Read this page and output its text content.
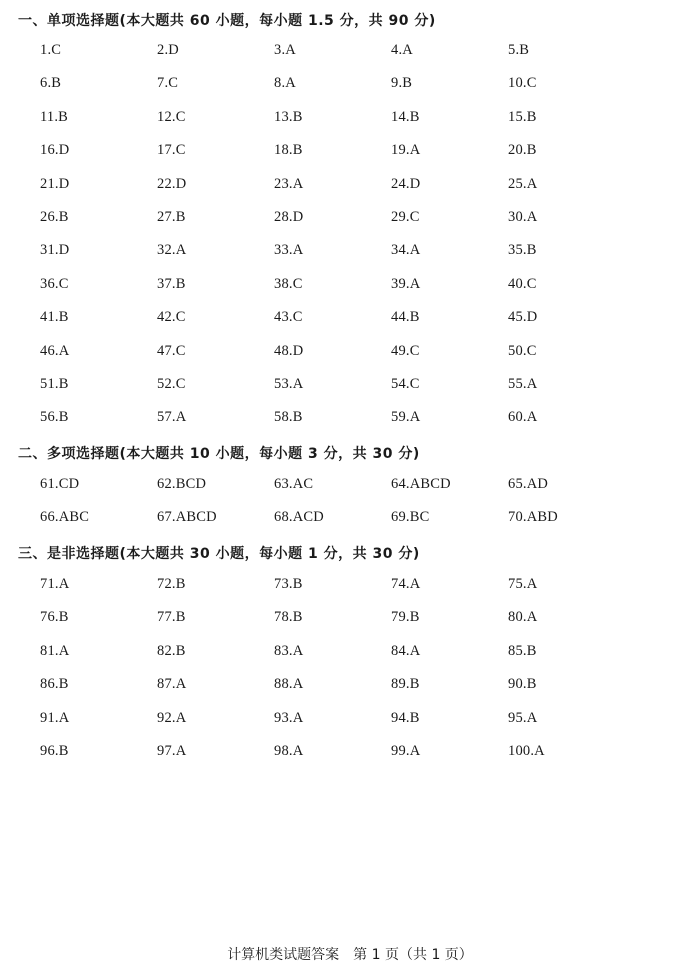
一、单项选择题(本大题共 60 小题，每小题 1.5 分，共 90 分)
1.C	2.D	3.A	4.A	5.B
6.B	7.C	8.A	9.B	10.C
11.B	12.C	13.B	14.B	15.B
16.D	17.C	18.B	19.A	20.B
21.D	22.D	23.A	24.D	25.A
26.B	27.B	28.D	29.C	30.A
31.D	32.A	33.A	34.A	35.B
36.C	37.B	38.C	39.A	40.C
41.B	42.C	43.C	44.B	45.D
46.A	47.C	48.D	49.C	50.C
51.B	52.C	53.A	54.C	55.A
56.B	57.A	58.B	59.A	60.A
二、多项选择题(本大题共 10 小题，每小题 3 分，共 30 分)
61.CD	62.BCD	63.AC	64.ABCD	65.AD
66.ABC	67.ABCD	68.ACD	69.BC	70.ABD
三、是非选择题(本大题共 30 小题，每小题 1 分，共 30 分)
71.A	72.B	73.B	74.A	75.A
76.B	77.B	78.B	79.B	80.A
81.A	82.B	83.A	84.A	85.B
86.B	87.A	88.A	89.B	90.B
91.A	92.A	93.A	94.B	95.A
96.B	97.A	98.A	99.A	100.A
计算机类试题答案　第 1 页（共 1 页）
